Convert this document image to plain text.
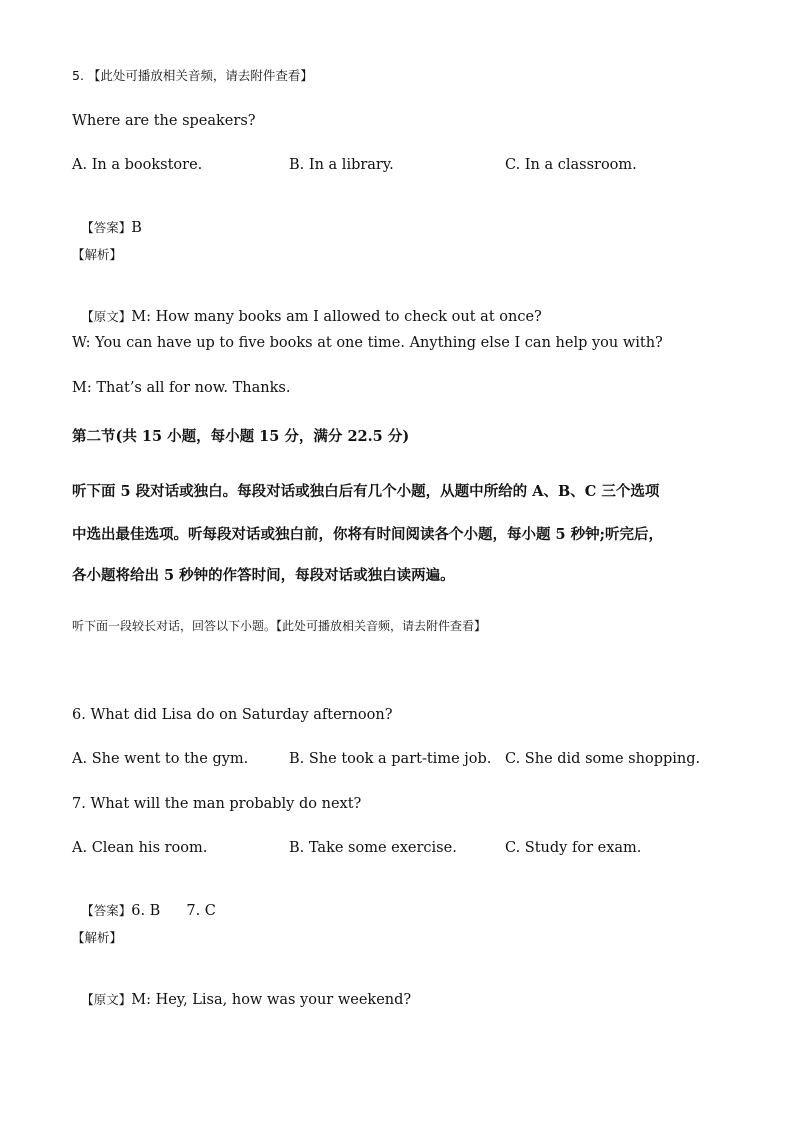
5. 【此处可播放相关音频，请去附件查看】
Where are the speakers?
A. In a bookstore.	B. In a library.	C. In a classroom.

【答案】B

【解析】

【原文】M: How many books am I allowed to check out at once?

W: You can have up to five books at one time. Anything else I can help you with?
M: That’s all for now. Thanks.
第二节(共 15 小题，每小题 15 分，满分 22.5 分)
听下面 5 段对话或独白。每段对话或独白后有几个小题，从题中所给的 A、B、C 三个选项
中选出最佳选项。听每段对话或独白前，你将有时间阅读各个小题，每小题 5 秒钟;听完后，
各小题将给出 5 秒钟的作答时间，每段对话或独白读两遍。
听下面一段较长对话，回答以下小题。【此处可播放相关音频，请去附件查看】
6. What did Lisa do on Saturday afternoon?
A. She went to the gym.	B. She took a part-time job. C. She did some shopping.
7. What will the man probably do next?
A. Clean his room.	B. Take some exercise.	C. Study for exam.

【答案】6. B 7. C

【解析】

【原文】M: Hey, Lisa, how was your weekend?
